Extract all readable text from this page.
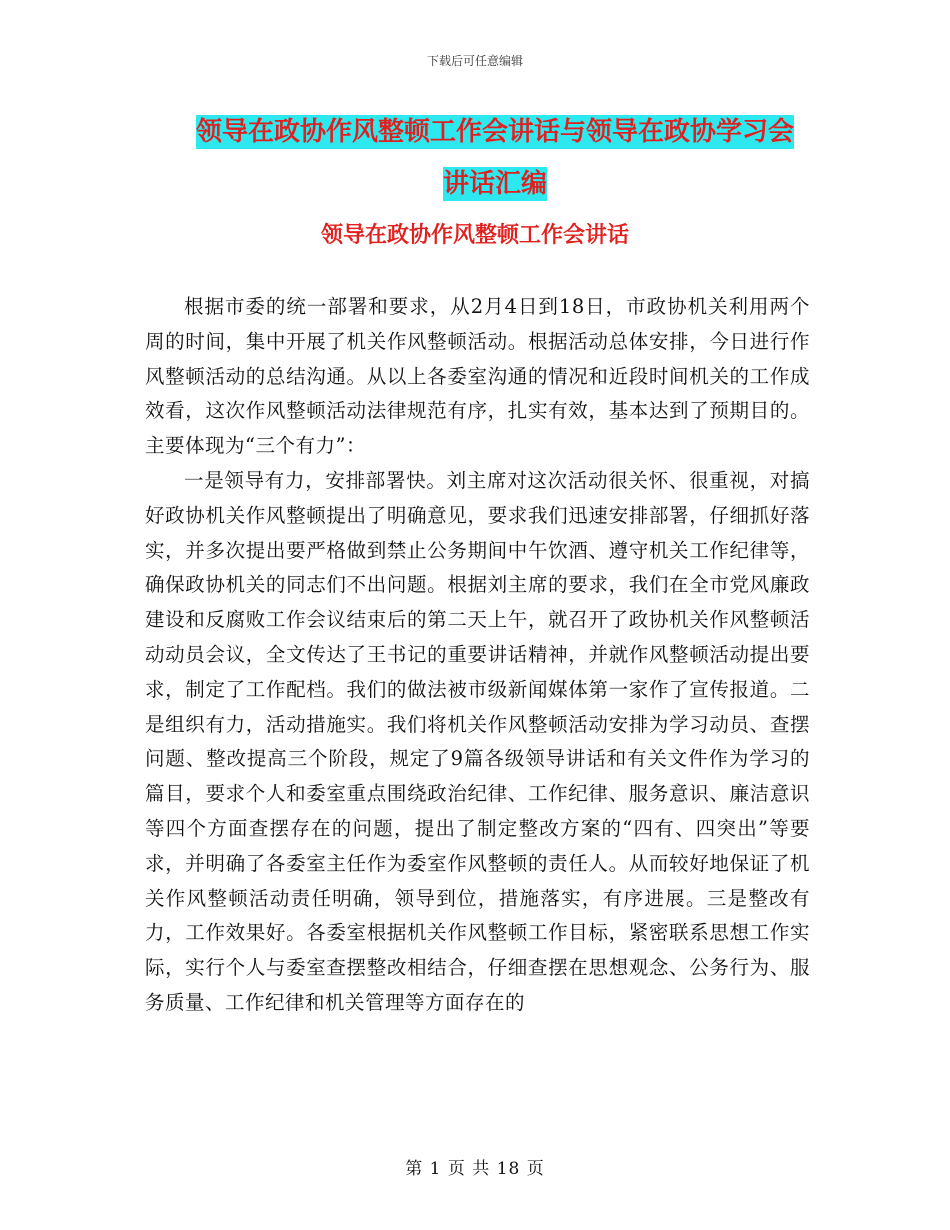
下载后可任意编辑
领导在政协作风整顿工作会讲话与领导在政协学习会
讲话汇编
领导在政协作风整顿工作会讲话

根据市委的统一部署和要求，从2月4日到18日，市政协机关利用两个周的时间，集中开展了机关作风整顿活动。根据活动总体安排，今日进行作风整顿活动的总结沟通。从以上各委室沟通的情况和近段时间机关的工作成效看，这次作风整顿活动法律规范有序，扎实有效，基本达到了预期目的。主要体现为“三个有力”：

一是领导有力，安排部署快。刘主席对这次活动很关怀、很重视，对搞好政协机关作风整顿提出了明确意见，要求我们迅速安排部署，仔细抓好落实，并多次提出要严格做到禁止公务期间中午饮酒、遵守机关工作纪律等，确保政协机关的同志们不出问题。根据刘主席的要求，我们在全市党风廉政建设和反腐败工作会议结束后的第二天上午，就召开了政协机关作风整顿活动动员会议，全文传达了王书记的重要讲话精神，并就作风整顿活动提出要求，制定了工作配档。我们的做法被市级新闻媒体第一家作了宣传报道。二是组织有力，活动措施实。我们将机关作风整顿活动安排为学习动员、查摆问题、整改提高三个阶段，规定了9篇各级领导讲话和有关文件作为学习的篇目，要求个人和委室重点围绕政治纪律、工作纪律、服务意识、廉洁意识等四个方面查摆存在的问题，提出了制定整改方案的“四有、四突出”等要求，并明确了各委室主任作为委室作风整顿的责任人。从而较好地保证了机关作风整顿活动责任明确，领导到位，措施落实，有序进展。三是整改有力，工作效果好。各委室根据机关作风整顿工作目标，紧密联系思想工作实际，实行个人与委室查摆整改相结合，仔细查摆在思想观念、公务行为、服务质量、工作纪律和机关管理等方面存在的

第 1 页 共 18 页
